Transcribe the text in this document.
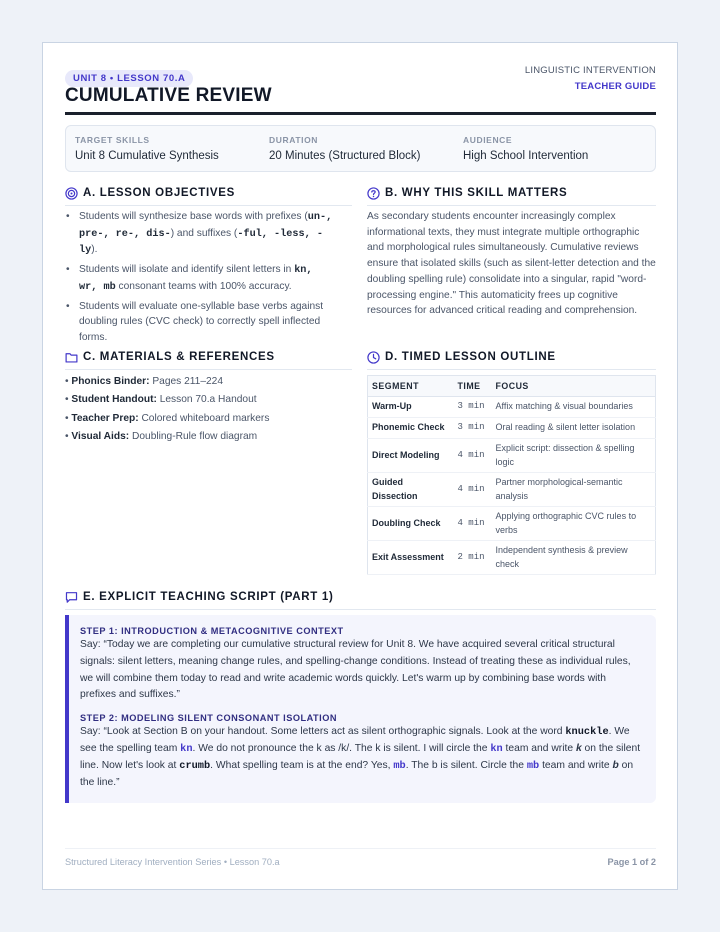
UNIT 8 • LESSON 70.A
CUMULATIVE REVIEW
LINGUISTIC INTERVENTION
TEACHER GUIDE
TARGET SKILLS
Unit 8 Cumulative Synthesis
DURATION
20 Minutes (Structured Block)
AUDIENCE
High School Intervention
A. LESSON OBJECTIVES
• Students will synthesize base words with prefixes (un-, pre-, re-, dis-) and suffixes (-ful, -less, -ly).
• Students will isolate and identify silent letters in kn, wr, mb consonant teams with 100% accuracy.
• Students will evaluate one-syllable base verbs against doubling rules (CVC check) to correctly spell inflected forms.
B. WHY THIS SKILL MATTERS
As secondary students encounter increasingly complex informational texts, they must integrate multiple orthographic and morphological rules simultaneously. Cumulative reviews ensure that isolated skills (such as silent-letter detection and the doubling spelling rule) consolidate into a singular, rapid "word-processing engine." This automaticity frees up cognitive resources for advanced critical reading and comprehension.
C. MATERIALS & REFERENCES
• Phonics Binder: Pages 211–224
• Student Handout: Lesson 70.a Handout
• Teacher Prep: Colored whiteboard markers
• Visual Aids: Doubling-Rule flow diagram
D. TIMED LESSON OUTLINE
SEGMENT	TIME	FOCUS
Warm-Up	3 min	Affix matching & visual boundaries
Phonemic Check	3 min	Oral reading & silent letter isolation
Direct Modeling	4 min	Explicit script: dissection & spelling logic
Guided Dissection	4 min	Partner morphological-semantic analysis
Doubling Check	4 min	Applying orthographic CVC rules to verbs
Exit Assessment	2 min	Independent synthesis & preview check
E. EXPLICIT TEACHING SCRIPT (PART 1)
STEP 1: INTRODUCTION & METACOGNITIVE CONTEXT
Say: “Today we are completing our cumulative structural review for Unit 8. We have acquired several critical structural signals: silent letters, meaning change rules, and spelling-change conditions. Instead of treating these as individual rules, we will combine them today to read and write academic words quickly. Let's warm up by combining base words with prefixes and suffixes.”
STEP 2: MODELING SILENT CONSONANT ISOLATION
Say: “Look at Section B on your handout. Some letters act as silent orthographic signals. Look at the word knuckle. We see the spelling team kn. We do not pronounce the k as /k/. The k is silent. I will circle the kn team and write k on the silent line. Now let's look at crumb. What spelling team is at the end? Yes, mb. The b is silent. Circle the mb team and write b on the line.”
Structured Literacy Intervention Series • Lesson 70.a	Page 1 of 2
